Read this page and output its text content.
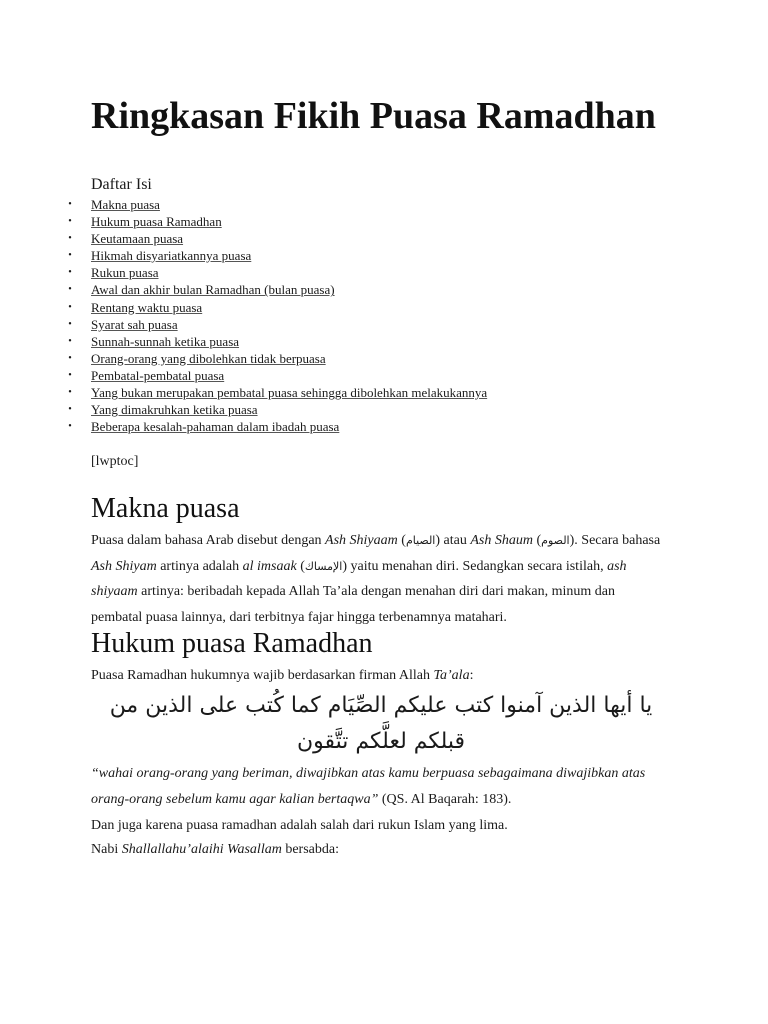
Ringkasan Fikih Puasa Ramadhan
Daftar Isi
• Makna puasa
• Hukum puasa Ramadhan
• Keutamaan puasa
• Hikmah disyariatkannya puasa
• Rukun puasa
• Awal dan akhir bulan Ramadhan (bulan puasa)
• Rentang waktu puasa
• Syarat sah puasa
• Sunnah-sunnah ketika puasa
• Orang-orang yang dibolehkan tidak berpuasa
• Pembatal-pembatal puasa
• Yang bukan merupakan pembatal puasa sehingga dibolehkan melakukannya
• Yang dimakruhkan ketika puasa
• Beberapa kesalah-pahaman dalam ibadah puasa
[lwptoc]
Makna puasa

Puasa dalam bahasa Arab disebut dengan Ash Shiyaam (الصيام) atau Ash Shaum (الصوم). Secara bahasa Ash Shiyam artinya adalah al imsaak (الإمساك) yaitu menahan diri. Sedangkan secara istilah, ash shiyaam artinya: beribadah kepada Allah Ta’ala dengan menahan diri dari makan, minum dan pembatal puasa lainnya, dari terbitnya fajar hingga terbenamnya matahari.

Hukum puasa Ramadhan

Puasa Ramadhan hukumnya wajib berdasarkan firman Allah Ta’ala:

يا أيها الذين آمنوا كتب عليكم الصِّيَام كما كُتب على الذين من قبلكم لعلَّكم تتَّقون

“wahai orang-orang yang beriman, diwajibkan atas kamu berpuasa sebagaimana diwajibkan atas orang-orang sebelum kamu agar kalian bertaqwa” (QS. Al Baqarah: 183).

Dan juga karena puasa ramadhan adalah salah dari rukun Islam yang lima.

Nabi Shallallahu’alaihi Wasallam bersabda:
